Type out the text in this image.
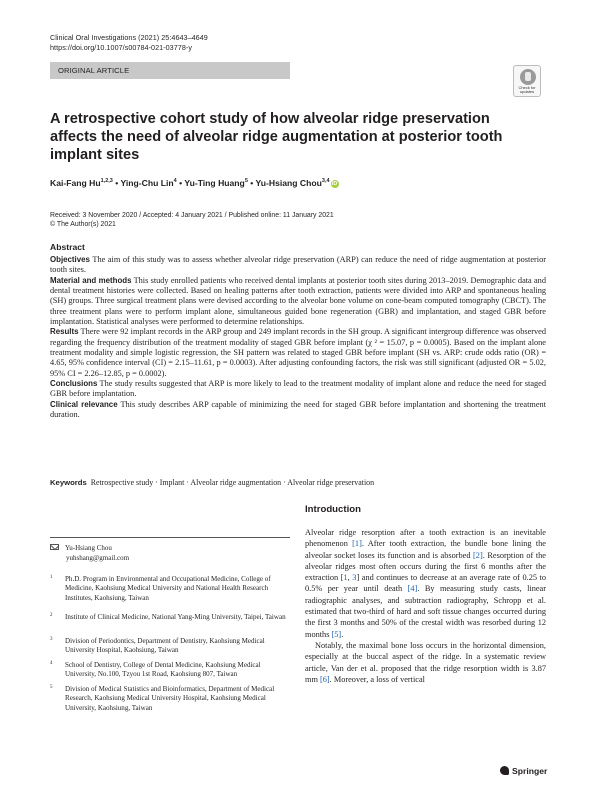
Clinical Oral Investigations (2021) 25:4643–4649
https://doi.org/10.1007/s00784-021-03778-y
ORIGINAL ARTICLE
Check for updates
A retrospective cohort study of how alveolar ridge preservation affects the need of alveolar ridge augmentation at posterior tooth implant sites
Kai-Fang Hu$^{1,2,3}$ • Ying-Chu Lin$^4$ • Yu-Ting Huang$^5$ • Yu-Hsiang Chou$^{3,4}$ iD
Received: 3 November 2020 / Accepted: 4 January 2021 / Published online: 11 January 2021
© The Author(s) 2021
Abstract

Objectives The aim of this study was to assess whether alveolar ridge preservation (ARP) can reduce the need of ridge augmentation at posterior tooth sites.

Material and methods This study enrolled patients who received dental implants at posterior tooth sites during 2013–2019. Demographic data and dental treatment histories were collected. Based on healing patterns after tooth extraction, patients were divided into ARP and spontaneous healing (SH) groups. Three surgical treatment plans were devised according to the alveolar bone volume on cone-beam computed tomography (CBCT). The three treatment plans were to perform implant alone, simultaneous guided bone regeneration (GBR) and implantation, and staged GBR before implantation. Statistical analyses were performed to determine relationships.

Results There were 92 implant records in the ARP group and 249 implant records in the SH group. A significant intergroup difference was observed regarding the frequency distribution of the treatment modality of staged GBR before implant (χ ² = 15.07, p = 0.0005). Based on the implant alone treatment modality and simple logistic regression, the SH pattern was related to staged GBR before implant (SH vs. ARP: crude odds ratio (OR) = 4.65, 95% confidence interval (CI) = 2.15–11.61, p = 0.0003). After adjusting confounding factors, the risk was still significant (adjusted OR = 5.02, 95% CI = 2.26–12.85, p = 0.0002).

Conclusions The study results suggested that ARP is more likely to lead to the treatment modality of implant alone and reduce the need for staged GBR before implantation.

Clinical relevance This study describes ARP capable of minimizing the need for staged GBR before implantation and shortening the treatment duration.

Keywords Retrospective study · Implant · Alveolar ridge augmentation · Alveolar ridge preservation
Introduction

Alveolar ridge resorption after a tooth extraction is an inevitable phenomenon [1]. After tooth extraction, the bundle bone lining the alveolar socket loses its function and is absorbed [2]. Resorption of the alveolar ridges most often occurs during the first 6 months after the extraction [1, 3] and continues to decrease at an average rate of 0.25 to 0.5% per year until death [4]. By measuring study casts, linear radiographic analyses, and subtraction radiography, Schropp et al. estimated that two-third of hard and soft tissue changes occurred during the first 3 months and 50% of the crestal width was resorbed during 12 months [5].

Notably, the maximal bone loss occurs in the horizontal dimension, especially at the buccal aspect of the ridge. In a systematic review article, Van der et al. proposed that the ridge resorption width is 3.87 mm [6]. Moreover, a loss of vertical

Yu-Hsiang Chou
yuhshang@gmail.com
1 Ph.D. Program in Environmental and Occupational Medicine, College of Medicine, Kaohsiung Medical University and National Health Research Institutes, Kaohsiung, Taiwan
2 Institute of Clinical Medicine, National Yang-Ming University, Taipei, Taiwan
3 Division of Periodontics, Department of Dentistry, Kaohsiung Medical University Hospital, Kaohsiung, Taiwan
4 School of Dentistry, College of Dental Medicine, Kaohsiung Medical University, No.100, Tzyou 1st Road, Kaohsiung 807, Taiwan
5 Division of Medical Statistics and Bioinformatics, Department of Medical Research, Kaohsiung Medical University Hospital, Kaohsiung Medical University, Kaohsiung, Taiwan
Springer
